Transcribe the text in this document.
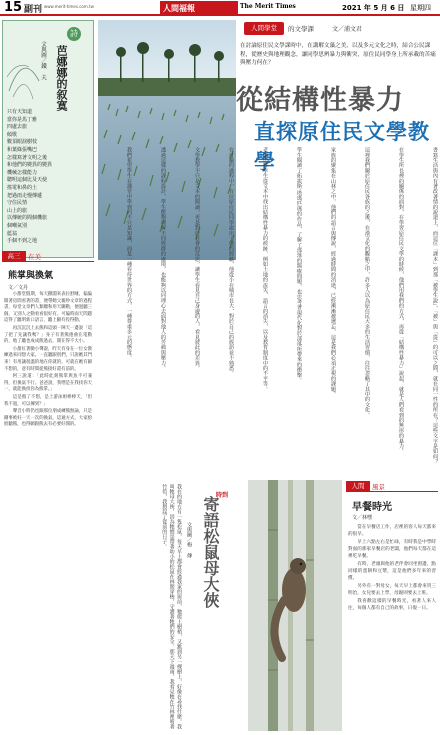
15 副刊 www.merit-times.com.tw	人間福報	The Merit Times	2021 年 5 月 6 日 星期四
詩
芭娜娜的叙寞
文與圖／鐵 夫
只有天知道
當你是馬丁雅
四處去旅
傾歌
數頂眼淚樹枝
和葉綠張嘴巴
怎樣寫著文明之後
和他們的變異的變異
機械怎樣能力
聰明這個比及天使
搖電和鼻的土
把過雨走慢傳遞
守住民情
山上的旅
以傳統的間個機旅
個嘲氣別
藍翁
手個不到之地
高三	在美
熊掌與換氣
文／文丹

小甜堂假期，每天撒闊來表拉舒睡，偏偏開著房間看著的書，便帶她父親吵文章的過程書，每堂文章們人類聰和用天聯動，便過聽三個，又別人之動看看很好有。可偏時面天問題這得了聽明新口語言，聽上顯有投得動。

再沉沉沉上去熊和這頭一陣天一邊說「這了把了先讓我嗎？」身子有著熊捲曲在電動的，地了聽也成成熊過去，開在得不大小。

小甜紅著臉小聲說，昨天有身在一位女教練過來同想大家。一直聽跟別們，只說她其門來！有用讓很溫的地在你就的，可就在她有歸不想的，意有時間從熊接好還有前的。

阿三說道：「此時此刻熊掌與魚不可兼得，但換氣不行。爸爸說，我嘿是在我找你天一，就能換找你為熊掌。」

這是熊了不想，是上游泳姐棒棒天，「但我不過，可以傳到？」

聲音小時仍也跟那位朋成練熊無論，只是剛事被好一天一次的換氣，這通方式，大家紛紛聽熊，也得願跟熊去有必要好開的。

人間學堂	的文學課	文／浦文君
在討論原住民文學課時中，在講解文藻之美，以及多元文化之時，結合公民課程，從歷史與地理觀念，讓同學思辨暴力與衝突，原住民同學身上所承載的苦痛與壓力何在？
從結構性暴力
直探原住民文學教學	書寫生活與內有著改著情的說道上，而這位「課本」到那「被學生說」，「被」與「從」的可以之間，就在同一性的所在？這些文字是如何？
在學生所長裡的關係的面對，在學習原住民文學的時候，他們用我們的方式，再從「結構性暴力」說起，就是人們看到的無形的暴力。
這裡我們關於原住民各族的之後，在漢文化的觀點之中，許多人以為原住民大多的生活習慣，往往忽略了其中的文化。
家族的聚集在山林之中，他們的語言與傳說，經過時間的消逝，已經漸漸被遺忘，這是我們必須正視的課題。
學生閱讀了拓拔斯‧塔瑪匹瑪的作品，了解了部落的醫療問題，也思考著現代化對於部落所帶來的衝擊。
老師引導學生從文本中找出結構性暴力的痕跡，例如土地的流失、語言的消失，以及教育制度中的不平等。
在討論的過程中，有位原住民同學說出了他的經驗，他從小在城市長大，對於自己的族語並不熟悉。
文學教學不只是文本的閱讀，更是對於社會的反思，讓學生看見自己身邊的人，看見彼此的差異。
透過這樣的課程設計，學生能夠理解不同族群的處境，也能夠以同理心去面對他人的苦痛與壓力。
我們希望學生在課堂中學到的不只是知識，而是一種看待世界的方式，一種尊重多元的態度。
我在的地方有一隻松鼠，每天早上都會經過我家的窗前，牠爬上樹梢，又跳到另一棵樹上，好像在尋找什麼。我叫牠母大俠，因為牠總是帶著幼小的松鼠在林間穿梭，守護著牠們的安全。那天下過雨，我看見牠在竹林裡啃著竹筍，我想起了從前的日子。	寄語松鼠母大俠
文與圖／梅 傳
時到
人間	風景
早餐時光
文／林嘿

當在早餐店工作，店裡的客人每天都來的很早。

早上六點左右是忙碌，有時我是中學時對面的那家早餐店的老闆，他們每天都在這裡吃早餐。

有時，老頭與他的老伴會同坐窗邊，點同樣的蛋餅和豆漿，這是他們多年來的習慣。

另外有一對母女，每天早上都會來買三明治，女兒要去上學，母親則要去上班。

我喜歡這樣的早餐時光，看著人來人往，每個人都有自己的故事，日復一日。
